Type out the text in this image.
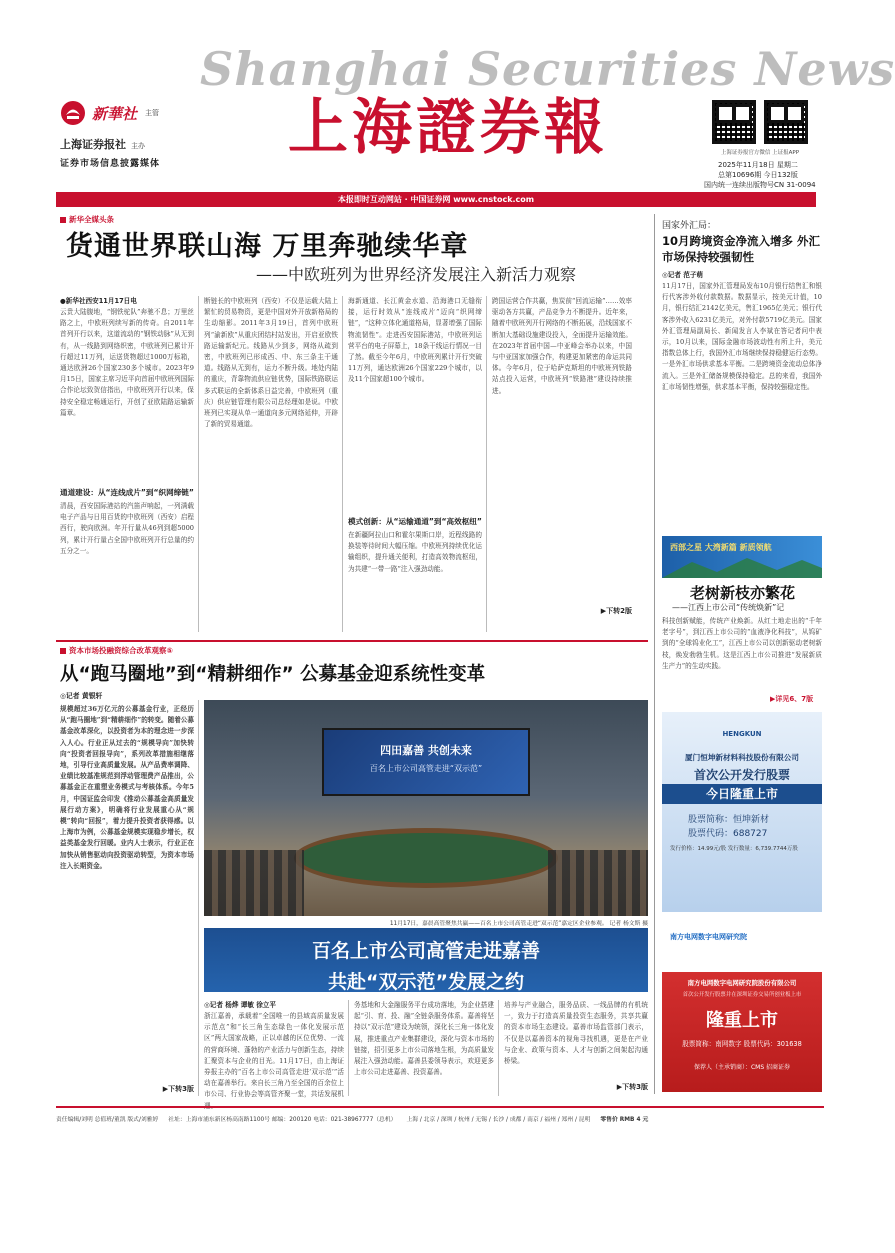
Shanghai Securities News
新華社 主管
上海证券报社 主办
证券市场信息披露媒体
上海證券報	上海证券报官方微信 上证报APP
2025年11月18日 星期二
总第10696期 今日132版
国内统一连续出版物号CN 31-0094
本报即时互动网站 · 中国证券网 www.cnstock.com
新华全媒头条
货通世界联山海 万里奔驰续华章
——中欧班列为世界经济发展注入新活力观察
●新华社西安11月17日电
云贵大陆腹地，“钢铁驼队”奔驰不息；万里丝路之上，中欧班列续写新的传奇。自2011年首列开行以来，这道流动的“钢铁动脉”从无到有，从一线路到网络织密，中欧班列已累计开行超过11万列，运送货物超过1000万标箱，通达欧洲26个国家230多个城市。2023年9月15日，国家主席习近平向首届中欧班列国际合作论坛致贺信指出，中欧班列开行以来，保持安全稳定畅通运行，开创了亚欧陆路运输新篇章。
通道建设：从“连线成片”到“织网缔链”
清晨，西安国际港站的汽笛声响起，一列满载电子产品与日用百货的中欧班列（西安）启程西行，驶向欧洲。年开行量从46列到超5000列，累计开行量占全国中欧班列开行总量的约五分之一。
断链长的中欧班列（西安）不仅是运载大陆上繁忙的贸易物资，更是中国对外开放新格局的生动缩影。2011年3月19日，首列中欧班列“渝新欧”从重庆团结村站发出，开启亚欧铁路运输新纪元。线路从少到多，网络从疏到密，中欧班列已形成西、中、东三条主干通道。线路从无到有，运力不断升级。地处内陆的重庆，背靠物流供应链优势，国际铁路联运多式联运的全新体系日益完善，中欧班列（重庆）供应链管理有限公司总经理如是说。中欧班列已实现从单一通道向多元网络延伸，开辟了新的贸易通道。
海新通道、长江黄金水道、沿海港口无缝衔接，运行时效从“连线成片”迈向“织网缔链”，“这种立体化通道格局，显著增强了国际物流韧性”。走进西安国际港站，中欧班列运营平台的电子屏幕上，18条干线运行情况一目了然。截至今年6月，中欧班列累计开行突破11万列，通达欧洲26个国家229个城市，以及11个国家超100个城市。
模式创新：从“运输通道”到“高效枢纽”
在新疆阿拉山口和霍尔果斯口岸，近程线路的换装等待时间大幅压缩。中欧班列持续优化运输组织，提升通关便利，打造高效物流枢纽，为共建“一带一路”注入强劲动能。
跨国运营合作共赢，焦炭前“回流运输”……效率驱动各方共赢，产品竞争力不断提升。近年来，随着中欧班列开行网络的不断拓展，沿线国家不断加大基础设施建设投入，全面提升运输效能。在2023年首届中国—中亚峰会举办以来，中国与中亚国家加强合作，构建更加紧密的命运共同体。今年6月，位于哈萨克斯坦的中欧班列铁路站点投入运营，中欧班列“铁路港”建设持续推进。
▶下转2版
国家外汇局：
10月跨境资金净流入增多 外汇市场保持较强韧性
◎记者 范子萌
11月17日，国家外汇管理局发布10月银行结售汇和银行代客涉外收付款数据。数据显示，按美元计值，10月，银行结汇2142亿美元，售汇1965亿美元；银行代客涉外收入6231亿美元，对外付款5719亿美元。国家外汇管理局副局长、新闻发言人李斌在答记者问中表示，10月以来，国际金融市场波动性有所上升，美元指数总体上行，我国外汇市场继续保持稳健运行态势。一是外汇市场供求基本平衡。二是跨境资金流动总体净流入。三是外汇储备规模保持稳定。总的来看，我国外汇市场韧性增强，供求基本平衡，保持较强稳定性。
西部之星 大湾新篇 新质领航
老树新枝亦繁花
——江西上市公司“传统焕新”记
科技创新赋能，传统产业焕新。从红土地走出的“千年老字号”，到江西上市公司的“血液净化科技”，从钨矿到的“全球钨业化工”，江西上市公司以创新驱动老树新枝，焕发勃勃生机。这是江西上市公司推进“发展新质生产力”的生动实践。
▶详见6、7版
HENGKUN
厦门恒坤新材料科技股份有限公司
首次公开发行股票
今日隆重上市
股票简称：恒坤新材
股票代码：688727
发行价格：14.99元/股 发行数量：6,739.7744万股
南方电网数字电网研究院
南方电网数字电网研究院股份有限公司
首次公开发行股票并在深圳证券交易所创业板上市
隆重上市
股票简称：南网数字 股票代码：301638
保荐人（主承销商）：CMS 招商证券
资本市场投融资综合改革观察⑤
从“跑马圈地”到“精耕细作” 公募基金迎系统性变革
◎记者 黄银轩
规模超过36万亿元的公募基金行业，正经历从“跑马圈地”到“精耕细作”的转变。随着公募基金改革深化，以投资者为本的理念进一步深入人心。行业正从过去的“规模导向”加快转向“投资者回报导向”，系列改革措施相继落地，引导行业高质量发展。从产品费率调降、业绩比较基准规范到浮动管理费产品推出，公募基金正在重塑业务模式与考核体系。今年5月，中国证监会印发《推动公募基金高质量发展行动方案》，明确将行业发展重心从“规模”转向“回报”，着力提升投资者获得感。以上海市为例，公募基金规模实现稳步增长，权益类基金发行回暖。业内人士表示，行业正在加快从销售驱动向投资驱动转型，为资本市场注入长期资金。
▶下转3版
四田嘉善 共创未来
百名上市公司高管走进“双示范”
11月17日，嘉晨高管聚焦共赢——百名上市公司高管走进“双示范”嘉定区企业参观。 记者 杨文斯 摄
百名上市公司高管走进嘉善
共赴“双示范”发展之约
◎记者 杨烨 谭敏 徐立平
浙江嘉善，承载着“全国唯一的县域高质量发展示范点”和“长三角生态绿色一体化发展示范区”两大国家战略，正以卓越的区位优势、一流的营商环境、蓬勃的产业活力与创新生态，持续汇聚资本与企业的目光。11月17日，由上海证券报主办的“百名上市公司高管走进‘双示范’”活动在嘉善举行。来自长三角乃至全国的百余位上市公司、行业协会等高管齐聚一堂，共话发展机
务基地和大金融服务平台成功落地，为企业搭建起“引、育、投、融”全链条服务体系。嘉善将坚持以“双示范”建设为统领，深化长三角一体化发展，推进重点产业集群建设，深化与资本市场的链接，招引更多上市公司落地生根，为高质量发展注入强劲动能。嘉善县委领导表示，欢迎更多上市公司走进嘉善、投资嘉善。
培养与产业融合，服务品质、一线品牌的有机统一，致力于打造高质量投资生态服务，共享共赢的资本市场生态建设。嘉善市场监管部门表示，不仅是以嘉善资本的视角寻找机遇，更是在产业与企业、政策与资本、人才与创新之间架起沟通桥梁。
▶下转3版
责任编辑/刘明 总值班/董凯 版式/刘雅婷 社址：上海市浦东新区杨高南路1100号 邮编：200120 电话：021-38967777（总机） 上海 / 北京 / 深圳 / 杭州 / 无锡 / 长沙 / 成都 / 南京 / 福州 / 郑州 / 昆明 零售价 RMB 4 元
